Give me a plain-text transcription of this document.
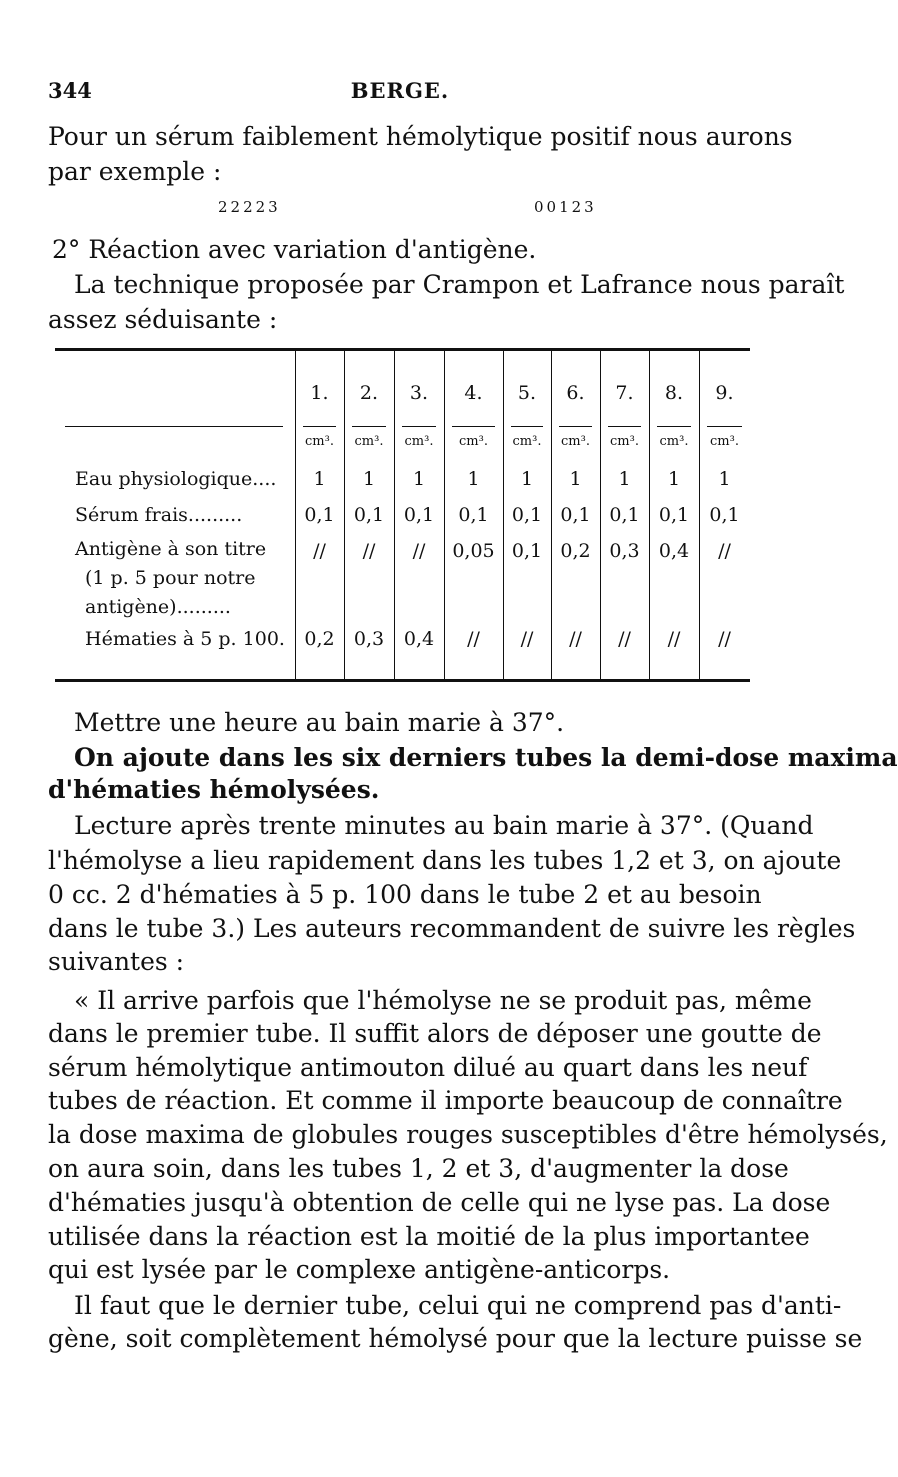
344	BERGE.
Pour un sérum faiblement hémolytique positif nous aurons
par exemple :
22223	00123
2° Réaction avec variation d'antigène.
La technique proposée par Crampon et Lafrance nous paraît
assez séduisante :
1.
cm³.
1
0,1
//
0,2
2.
cm³.
1
0,1
//
0,3
3.
cm³.
1
0,1
//
0,4
4.
cm³.
1
0,1
0,05
//
5.
cm³.
1
0,1
0,1
//
6.
cm³.
1
0,1
0,2
//
7.
cm³.
1
0,1
0,3
//
8.
cm³.
1
0,1
0,4
//
9.
cm³.
1
0,1
//
//
Eau physiologique....
Sérum frais.........
Antigène à son titre
(1 p. 5 pour notre
antigène).........
Hématies à 5 p. 100.
Mettre une heure au bain marie à 37°.
On ajoute dans les six derniers tubes la demi-dose maxima
d'hématies hémolysées.
Lecture après trente minutes au bain marie à 37°. (Quand
l'hémolyse a lieu rapidement dans les tubes 1,2 et 3, on ajoute
0 cc. 2 d'hématies à 5 p. 100 dans le tube 2 et au besoin
dans le tube 3.) Les auteurs recommandent de suivre les règles
suivantes :
« Il arrive parfois que l'hémolyse ne se produit pas, même
dans le premier tube. Il suffit alors de déposer une goutte de
sérum hémolytique antimouton dilué au quart dans les neuf
tubes de réaction. Et comme il importe beaucoup de connaître
la dose maxima de globules rouges susceptibles d'être hémolysés,
on aura soin, dans les tubes 1, 2 et 3, d'augmenter la dose
d'hématies jusqu'à obtention de celle qui ne lyse pas. La dose
utilisée dans la réaction est la moitié de la plus importantee
qui est lysée par le complexe antigène-anticorps.
Il faut que le dernier tube, celui qui ne comprend pas d'anti-
gène, soit complètement hémolysé pour que la lecture puisse se
